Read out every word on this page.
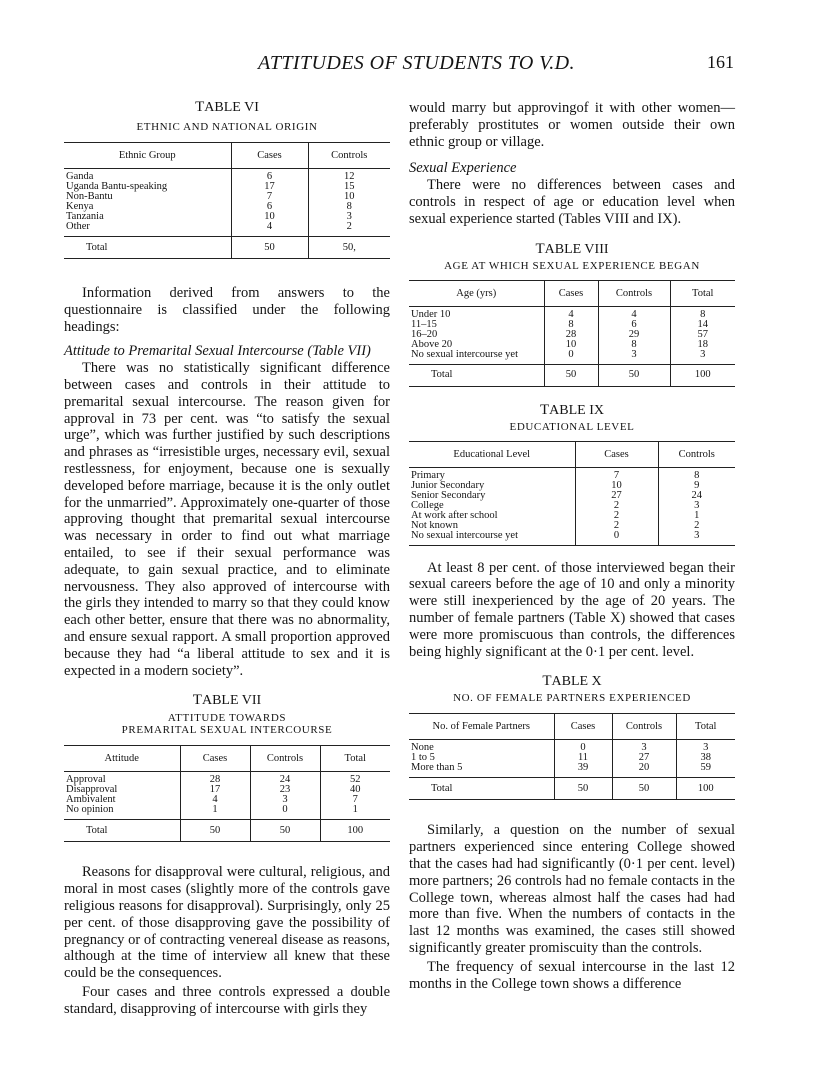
ATTITUDES OF STUDENTS TO V.D.	161

TABLE VI

ETHNIC AND NATIONAL ORIGIN

Ethnic Group	Cases	Controls
Ganda	6	12
Uganda Bantu-speaking	17	15
Non-Bantu	7	10
Kenya	6	8
Tanzania	10	3
Other	4	2
Total	50	50,

Information derived from answers to the questionnaire is classified under the following headings:

Attitude to Premarital Sexual Intercourse (Table VII)

There was no statistically significant difference between cases and controls in their attitude to premarital sexual intercourse. The reason given for approval in 73 per cent. was “to satisfy the sexual urge”, which was further justified by such descriptions and phrases as “irresistible urges, necessary evil, sexual restlessness, for enjoyment, because one is sexually developed before marriage, because it is the only outlet for the unmarried”. Approximately one-quarter of those approving thought that premarital sexual intercourse was necessary in order to find out what marriage entailed, to see if their sexual performance was adequate, to gain sexual practice, and to eliminate nervousness. They also approved of intercourse with the girls they intended to marry so that they could know each other better, ensure that there was no abnormality, and ensure sexual rapport. A small proportion approved because they had “a liberal attitude to sex and it is expected in a modern society”.

TABLE VII

ATTITUDE TOWARDS

PREMARITAL SEXUAL INTERCOURSE

Attitude	Cases	Controls	Total
Approval	28	24	52
Disapproval	17	23	40
Ambivalent	4	3	7
No opinion	1	0	1
Total	50	50	100

Reasons for disapproval were cultural, religious, and moral in most cases (slightly more of the controls gave religious reasons for disapproval). Surprisingly, only 25 per cent. of those disapproving gave the possibility of pregnancy or of contracting venereal disease as reasons, although at the time of interview all knew that these could be the consequences.

Four cases and three controls expressed a double standard, disapproving of intercourse with girls they

would marry but approvingof it with other women—preferably prostitutes or women outside their own ethnic group or village.

Sexual Experience

There were no differences between cases and controls in respect of age or education level when sexual experience started (Tables VIII and IX).

TABLE VIII

AGE AT WHICH SEXUAL EXPERIENCE BEGAN

Age (yrs)	Cases	Controls	Total
Under 10	4	4	8
11–15	8	6	14
16–20	28	29	57
Above 20	10	8	18
No sexual intercourse yet	0	3	3
Total	50	50	100

TABLE IX

EDUCATIONAL LEVEL

Educational Level	Cases	Controls
Primary	7	8
Junior Secondary	10	9
Senior Secondary	27	24
College	2	3
At work after school	2	1
Not known	2	2
No sexual intercourse yet	0	3

At least 8 per cent. of those interviewed began their sexual careers before the age of 10 and only a minority were still inexperienced by the age of 20 years. The number of female partners (Table X) showed that cases were more promiscuous than controls, the differences being highly significant at the 0·1 per cent. level.

TABLE X

NO. OF FEMALE PARTNERS EXPERIENCED

No. of Female Partners	Cases	Controls	Total
None	0	3	3
1 to 5	11	27	38
More than 5	39	20	59
Total	50	50	100

Similarly, a question on the number of sexual partners experienced since entering College showed that the cases had had significantly (0·1 per cent. level) more partners; 26 controls had no female contacts in the College town, whereas almost half the cases had had more than five. When the numbers of contacts in the last 12 months was examined, the cases still showed significantly greater promiscuity than the controls.

The frequency of sexual intercourse in the last 12 months in the College town shows a difference
